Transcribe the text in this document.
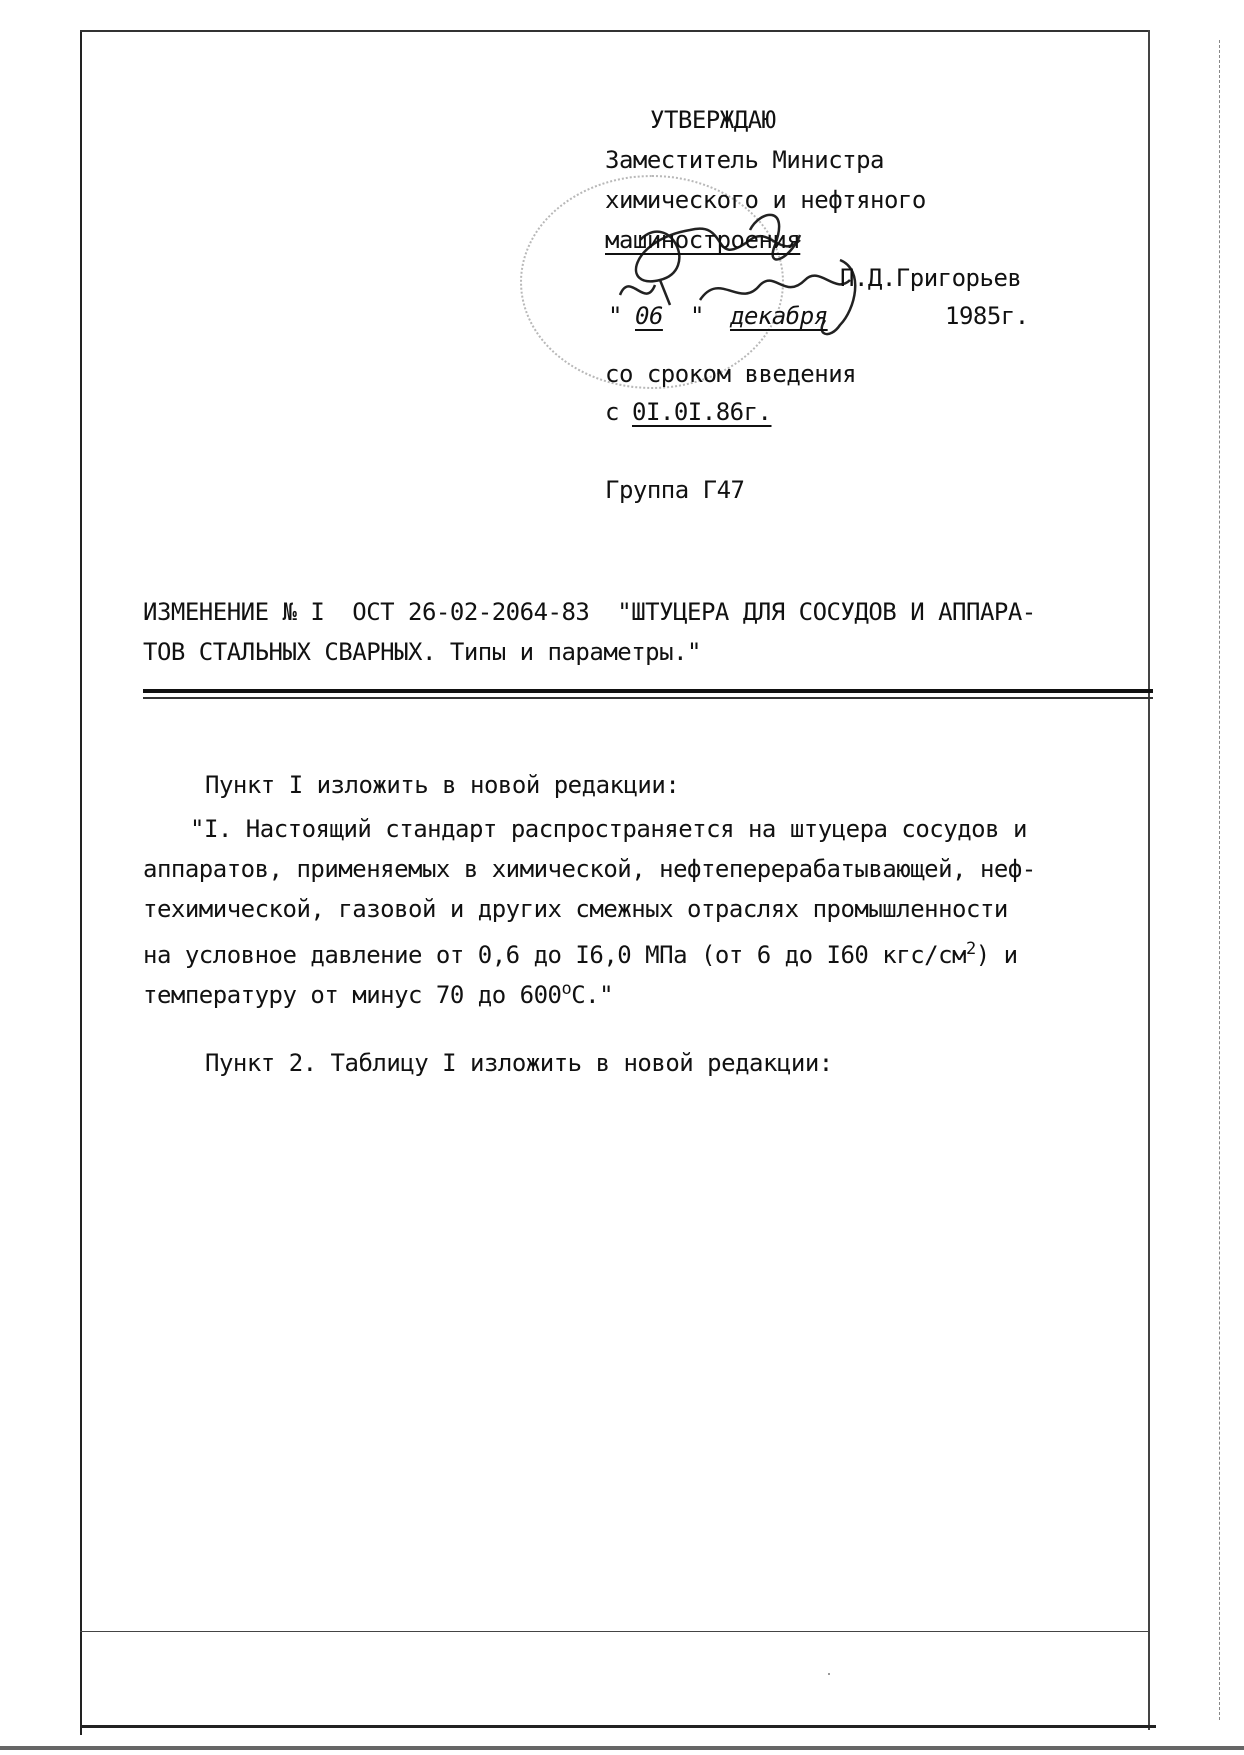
УТВЕРЖДАЮ
Заместитель Министра
химического и нефтяного
машиностроения
П.Д.Григорьев
" 06 " декабря	1985г.
со сроком введения
с 0I.0I.86г.
Группа Г47
ИЗМЕНЕНИЕ № I  ОСТ 26-02-2064-83  "ШТУЦЕРА ДЛЯ СОСУДОВ И АППАРА-
ТОВ СТАЛЬНЫХ СВАРНЫХ. Типы и параметры."
Пункт I изложить в новой редакции:
"I. Настоящий стандарт распространяется на штуцера сосудов и
аппаратов, применяемых в химической, нефтеперерабатывающей, неф-
техимической, газовой и других смежных отраслях промышленности
на условное давление от 0,6 до I6,0 МПа (от 6 до I60 кгс/$см^2$) и
температуру от минус 70 до $600^оС$."
Пункт 2. Таблицу I изложить в новой редакции:
